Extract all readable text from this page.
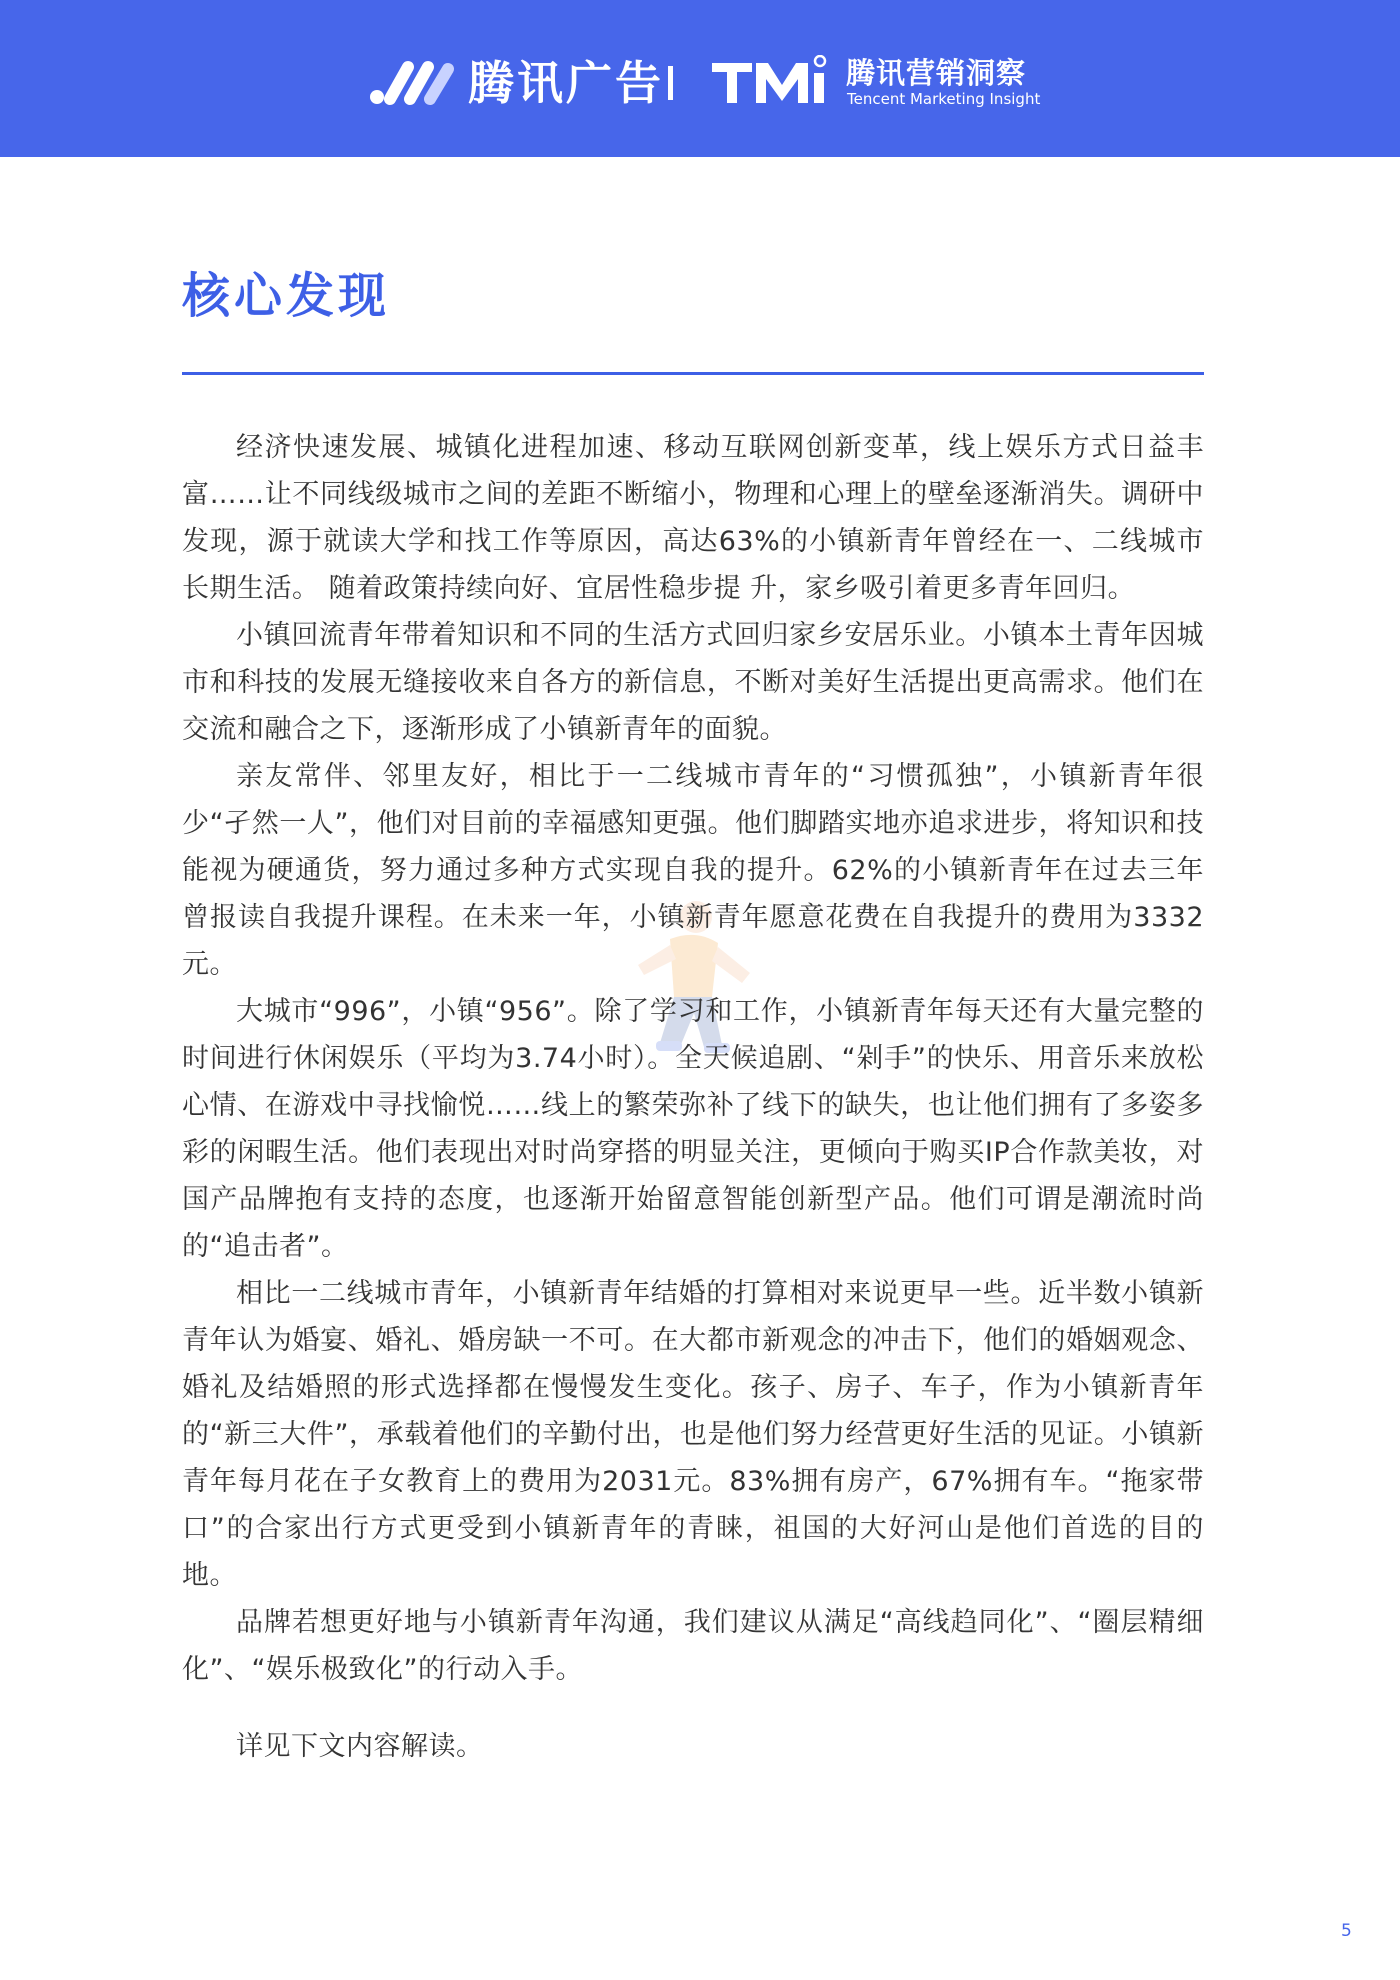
腾讯广告	腾讯营销洞察
Tencent Marketing Insight
核心发现

经济快速发展、城镇化进程加速、移动互联网创新变革，线上娱乐方式日益丰富……让不同线级城市之间的差距不断缩小，物理和心理上的壁垒逐渐消失。调研中发现，源于就读大学和找工作等原因，高达63%的小镇新青年曾经在一、二线城市长期生活。 随着政策持续向好、宜居性稳步提 升，家乡吸引着更多青年回归。

小镇回流青年带着知识和不同的生活方式回归家乡安居乐业。小镇本土青年因城市和科技的发展无缝接收来自各方的新信息，不断对美好生活提出更高需求。他们在交流和融合之下，逐渐形成了小镇新青年的面貌。

亲友常伴、邻里友好，相比于一二线城市青年的“习惯孤独”，小镇新青年很少“孑然一人”，他们对目前的幸福感知更强。他们脚踏实地亦追求进步，将知识和技能视为硬通货，努力通过多种方式实现自我的提升。62%的小镇新青年在过去三年曾报读自我提升课程。在未来一年，小镇新青年愿意花费在自我提升的费用为3332元。

大城市“996”，小镇“956”。除了学习和工作，小镇新青年每天还有大量完整的时间进行休闲娱乐（平均为3.74小时）。全天候追剧、“剁手”的快乐、用音乐来放松心情、在游戏中寻找愉悦……线上的繁荣弥补了线下的缺失，也让他们拥有了多姿多彩的闲暇生活。他们表现出对时尚穿搭的明显关注，更倾向于购买IP合作款美妆，对国产品牌抱有支持的态度，也逐渐开始留意智能创新型产品。他们可谓是潮流时尚的“追击者”。

相比一二线城市青年，小镇新青年结婚的打算相对来说更早一些。近半数小镇新青年认为婚宴、婚礼、婚房缺一不可。在大都市新观念的冲击下，他们的婚姻观念、婚礼及结婚照的形式选择都在慢慢发生变化。孩子、房子、车子，作为小镇新青年的“新三大件”，承载着他们的辛勤付出，也是他们努力经营更好生活的见证。小镇新青年每月花在子女教育上的费用为2031元。83%拥有房产，67%拥有车。“拖家带口”的合家出行方式更受到小镇新青年的青睐，祖国的大好河山是他们首选的目的地。

品牌若想更好地与小镇新青年沟通，我们建议从满足“高线趋同化”、“圈层精细化”、“娱乐极致化”的行动入手。

详见下文内容解读。

5
